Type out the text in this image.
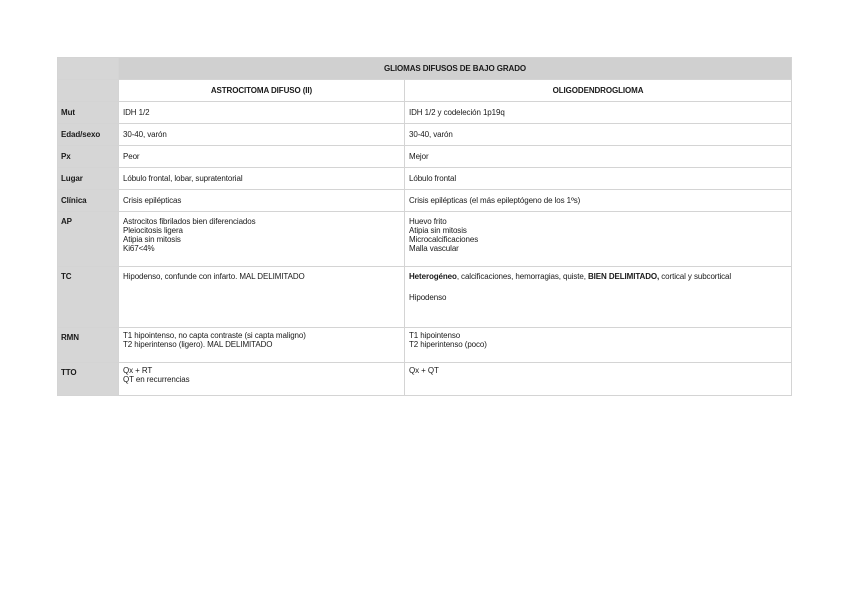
	GLIOMAS DIFUSOS DE BAJO GRADO	
	ASTROCITOMA DIFUSO (II)	OLIGODENDROGLIOMA
Mut	IDH 1/2	IDH 1/2 y codeleción 1p19q
Edad/sexo	30-40, varón	30-40, varón
Px	Peor	Mejor
Lugar	Lóbulo frontal, lobar, supratentorial	Lóbulo frontal
Clínica	Crisis epilépticas	Crisis epilépticas (el más epileptógeno de los 1ºs)
AP	Astrocitos fibrilados bien diferenciados
Pleiocitosis ligera
Atipia sin mitosis
Ki67<4%	Huevo frito
Atipia sin mitosis
Microcalcificaciones
Malla vascular

TC	Hipodenso, confunde con infarto. MAL DELIMITADO	Heterogéneo, calcificaciones, hemorragias, quiste, BIEN DELIMITADO, cortical y subcortical
Hipodenso

RMN	T1 hipointenso, no capta contraste (si capta maligno)
T2 hiperintenso (ligero). MAL DELIMITADO	T1 hipointenso
T2 hiperintenso (poco)

TTO	Qx + RT
QT en recurrencias	Qx + QT
